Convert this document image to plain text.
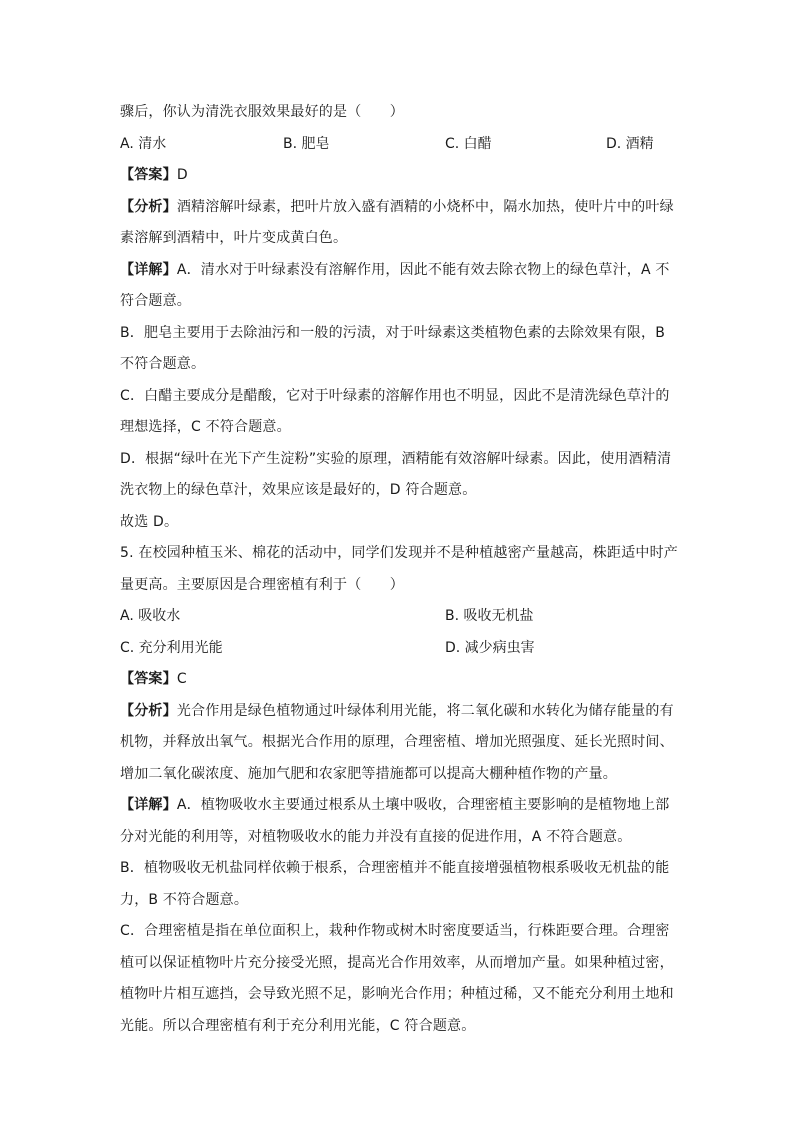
骤后，你认为清洗衣服效果最好的是（　　）
A. 清水	B. 肥皂	C. 白醋	D. 酒精
【答案】D
【分析】酒精溶解叶绿素，把叶片放入盛有酒精的小烧杯中，隔水加热，使叶片中的叶绿
素溶解到酒精中，叶片变成黄白色。
【详解】A．清水对于叶绿素没有溶解作用，因此不能有效去除衣物上的绿色草汁，A 不
符合题意。
B．肥皂主要用于去除油污和一般的污渍，对于叶绿素这类植物色素的去除效果有限，B
不符合题意。
C．白醋主要成分是醋酸，它对于叶绿素的溶解作用也不明显，因此不是清洗绿色草汁的
理想选择，C 不符合题意。
D．根据“绿叶在光下产生淀粉”实验的原理，酒精能有效溶解叶绿素。因此，使用酒精清
洗衣物上的绿色草汁，效果应该是最好的，D 符合题意。
故选 D。
5. 在校园种植玉米、棉花的活动中，同学们发现并不是种植越密产量越高，株距适中时产
量更高。主要原因是合理密植有利于（　　）
A. 吸收水	B. 吸收无机盐
C. 充分利用光能	D. 减少病虫害
【答案】C
【分析】光合作用是绿色植物通过叶绿体利用光能，将二氧化碳和水转化为储存能量的有
机物，并释放出氧气。根据光合作用的原理，合理密植、增加光照强度、延长光照时间、
增加二氧化碳浓度、施加气肥和农家肥等措施都可以提高大棚种植作物的产量。
【详解】A．植物吸收水主要通过根系从土壤中吸收，合理密植主要影响的是植物地上部
分对光能的利用等，对植物吸收水的能力并没有直接的促进作用，A 不符合题意。
B．植物吸收无机盐同样依赖于根系，合理密植并不能直接增强植物根系吸收无机盐的能
力，B 不符合题意。
C．合理密植是指在单位面积上，栽种作物或树木时密度要适当，行株距要合理。合理密
植可以保证植物叶片充分接受光照，提高光合作用效率，从而增加产量。如果种植过密，
植物叶片相互遮挡，会导致光照不足，影响光合作用；种植过稀，又不能充分利用土地和
光能。所以合理密植有利于充分利用光能，C 符合题意。
